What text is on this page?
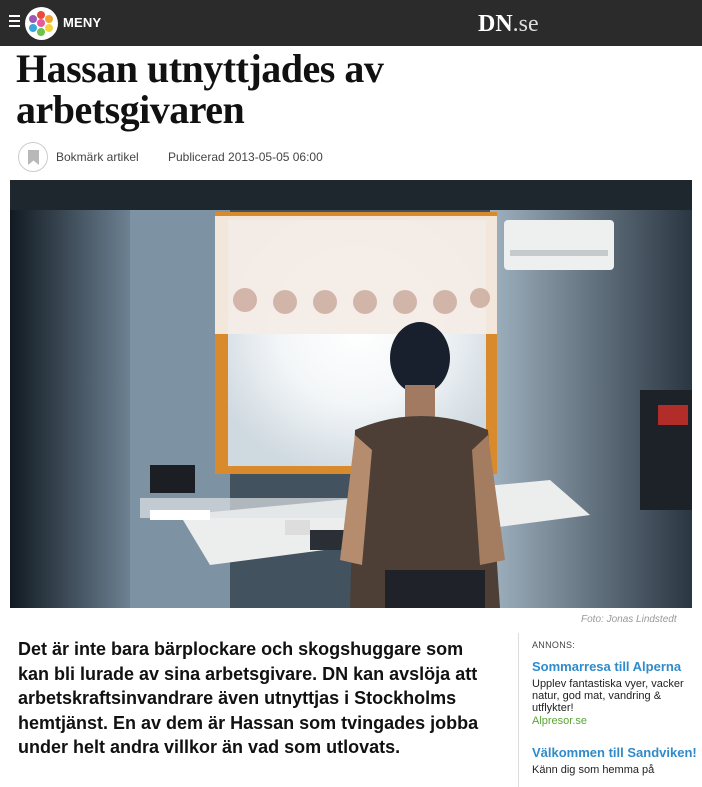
MENY	DN.se
Hassan utnyttjades av
arbetsgivaren
Bokmärk artikel Publicerad 2013-05-05 06:00
Foto: Jonas Lindstedt

Det är inte bara bärplockare och skogshuggare som kan bli lurade av sina arbetsgivare. DN kan avslöja att arbetskraftsinvandrare även utnyttjas i Stockholms hemtjänst. En av dem är Hassan som tvingades jobba under helt andra villkor än vad som utlovats.

ANNONS:
Sommarresa till Alperna
Upplev fantastiska vyer, vacker natur, god mat, vandring & utflykter!
Alpresor.se
Välkommen till Sandviken!
Känn dig som hemma på
